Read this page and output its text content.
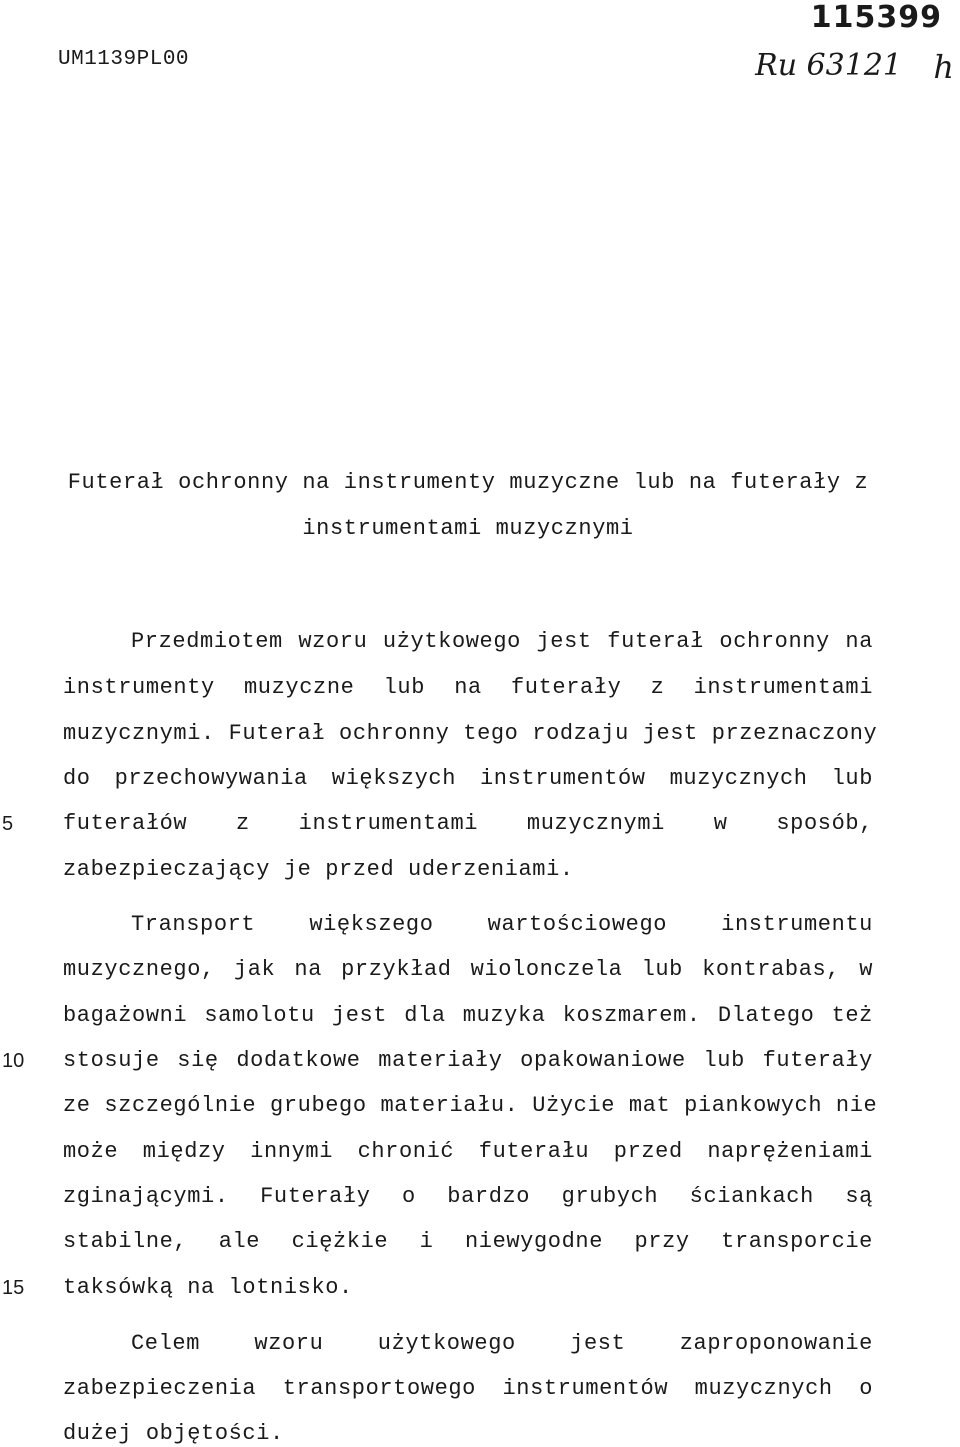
UM1139PL00
115399
Ru 63121 h
Futerał ochronny na instrumenty muzyczne lub na futerały z
instrumentami muzycznymi
Przedmiotem wzoru użytkowego jest futerał ochronny na
instrumenty muzyczne lub na futerały z instrumentami
muzycznymi. Futerał ochronny tego rodzaju jest przeznaczony
do przechowywania większych instrumentów muzycznych lub
futerałów z instrumentami muzycznymi w sposób,
zabezpieczający je przed uderzeniami.
Transport większego wartościowego instrumentu
muzycznego, jak na przykład wiolonczela lub kontrabas, w
bagażowni samolotu jest dla muzyka koszmarem. Dlatego też
stosuje się dodatkowe materiały opakowaniowe lub futerały
ze szczególnie grubego materiału. Użycie mat piankowych nie
może między innymi chronić futerału przed naprężeniami
zginającymi. Futerały o bardzo grubych ściankach są
stabilne, ale ciężkie i niewygodne przy transporcie
taksówką na lotnisko.
Celem wzoru użytkowego jest zaproponowanie
zabezpieczenia transportowego instrumentów muzycznych o
dużej objętości.
5
10
15
